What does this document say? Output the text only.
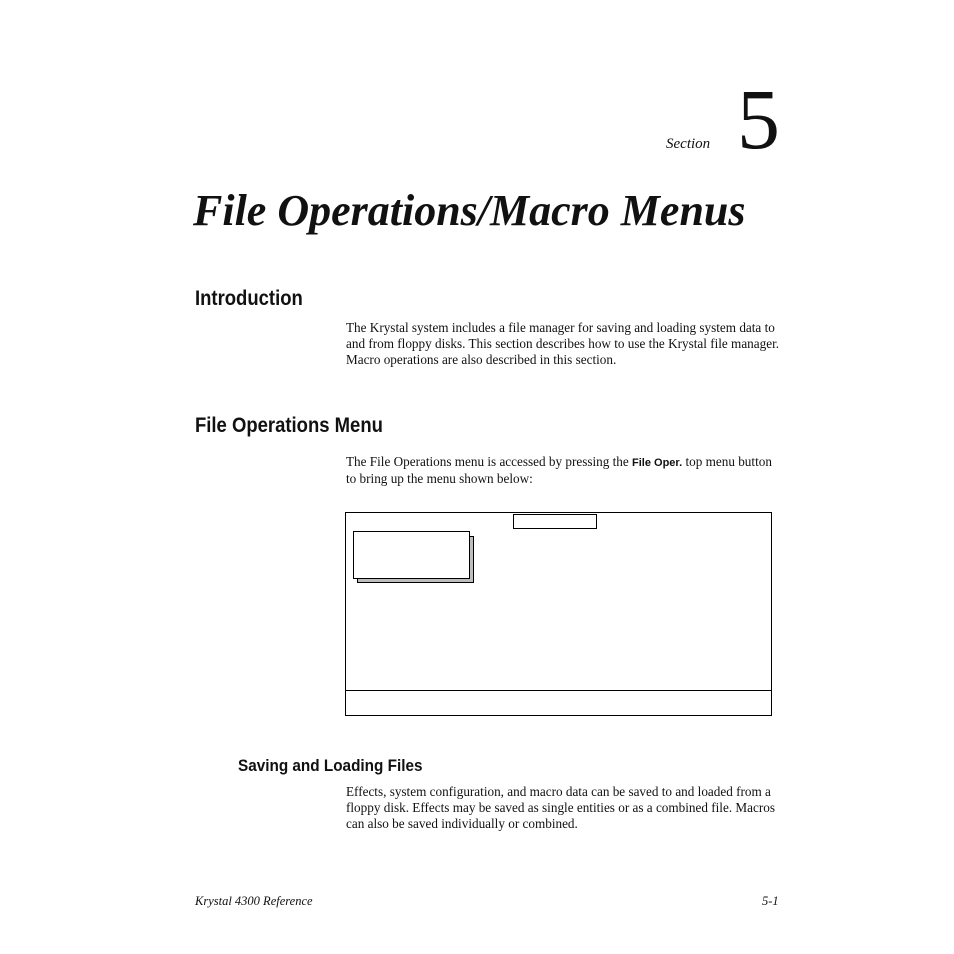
Section 5
File Operations/Macro Menus
Introduction

The Krystal system includes a file manager for saving and loading system data to and from floppy disks. This section describes how to use the Krystal file manager. Macro operations are also described in this section.

File Operations Menu

The File Operations menu is accessed by pressing the File Oper. top menu button to bring up the menu shown below:

Saving and Loading Files

Effects, system configuration, and macro data can be saved to and loaded from a floppy disk. Effects may be saved as single entities or as a combined file. Macros can also be saved individually or combined.

Krystal 4300 Reference	5-1
